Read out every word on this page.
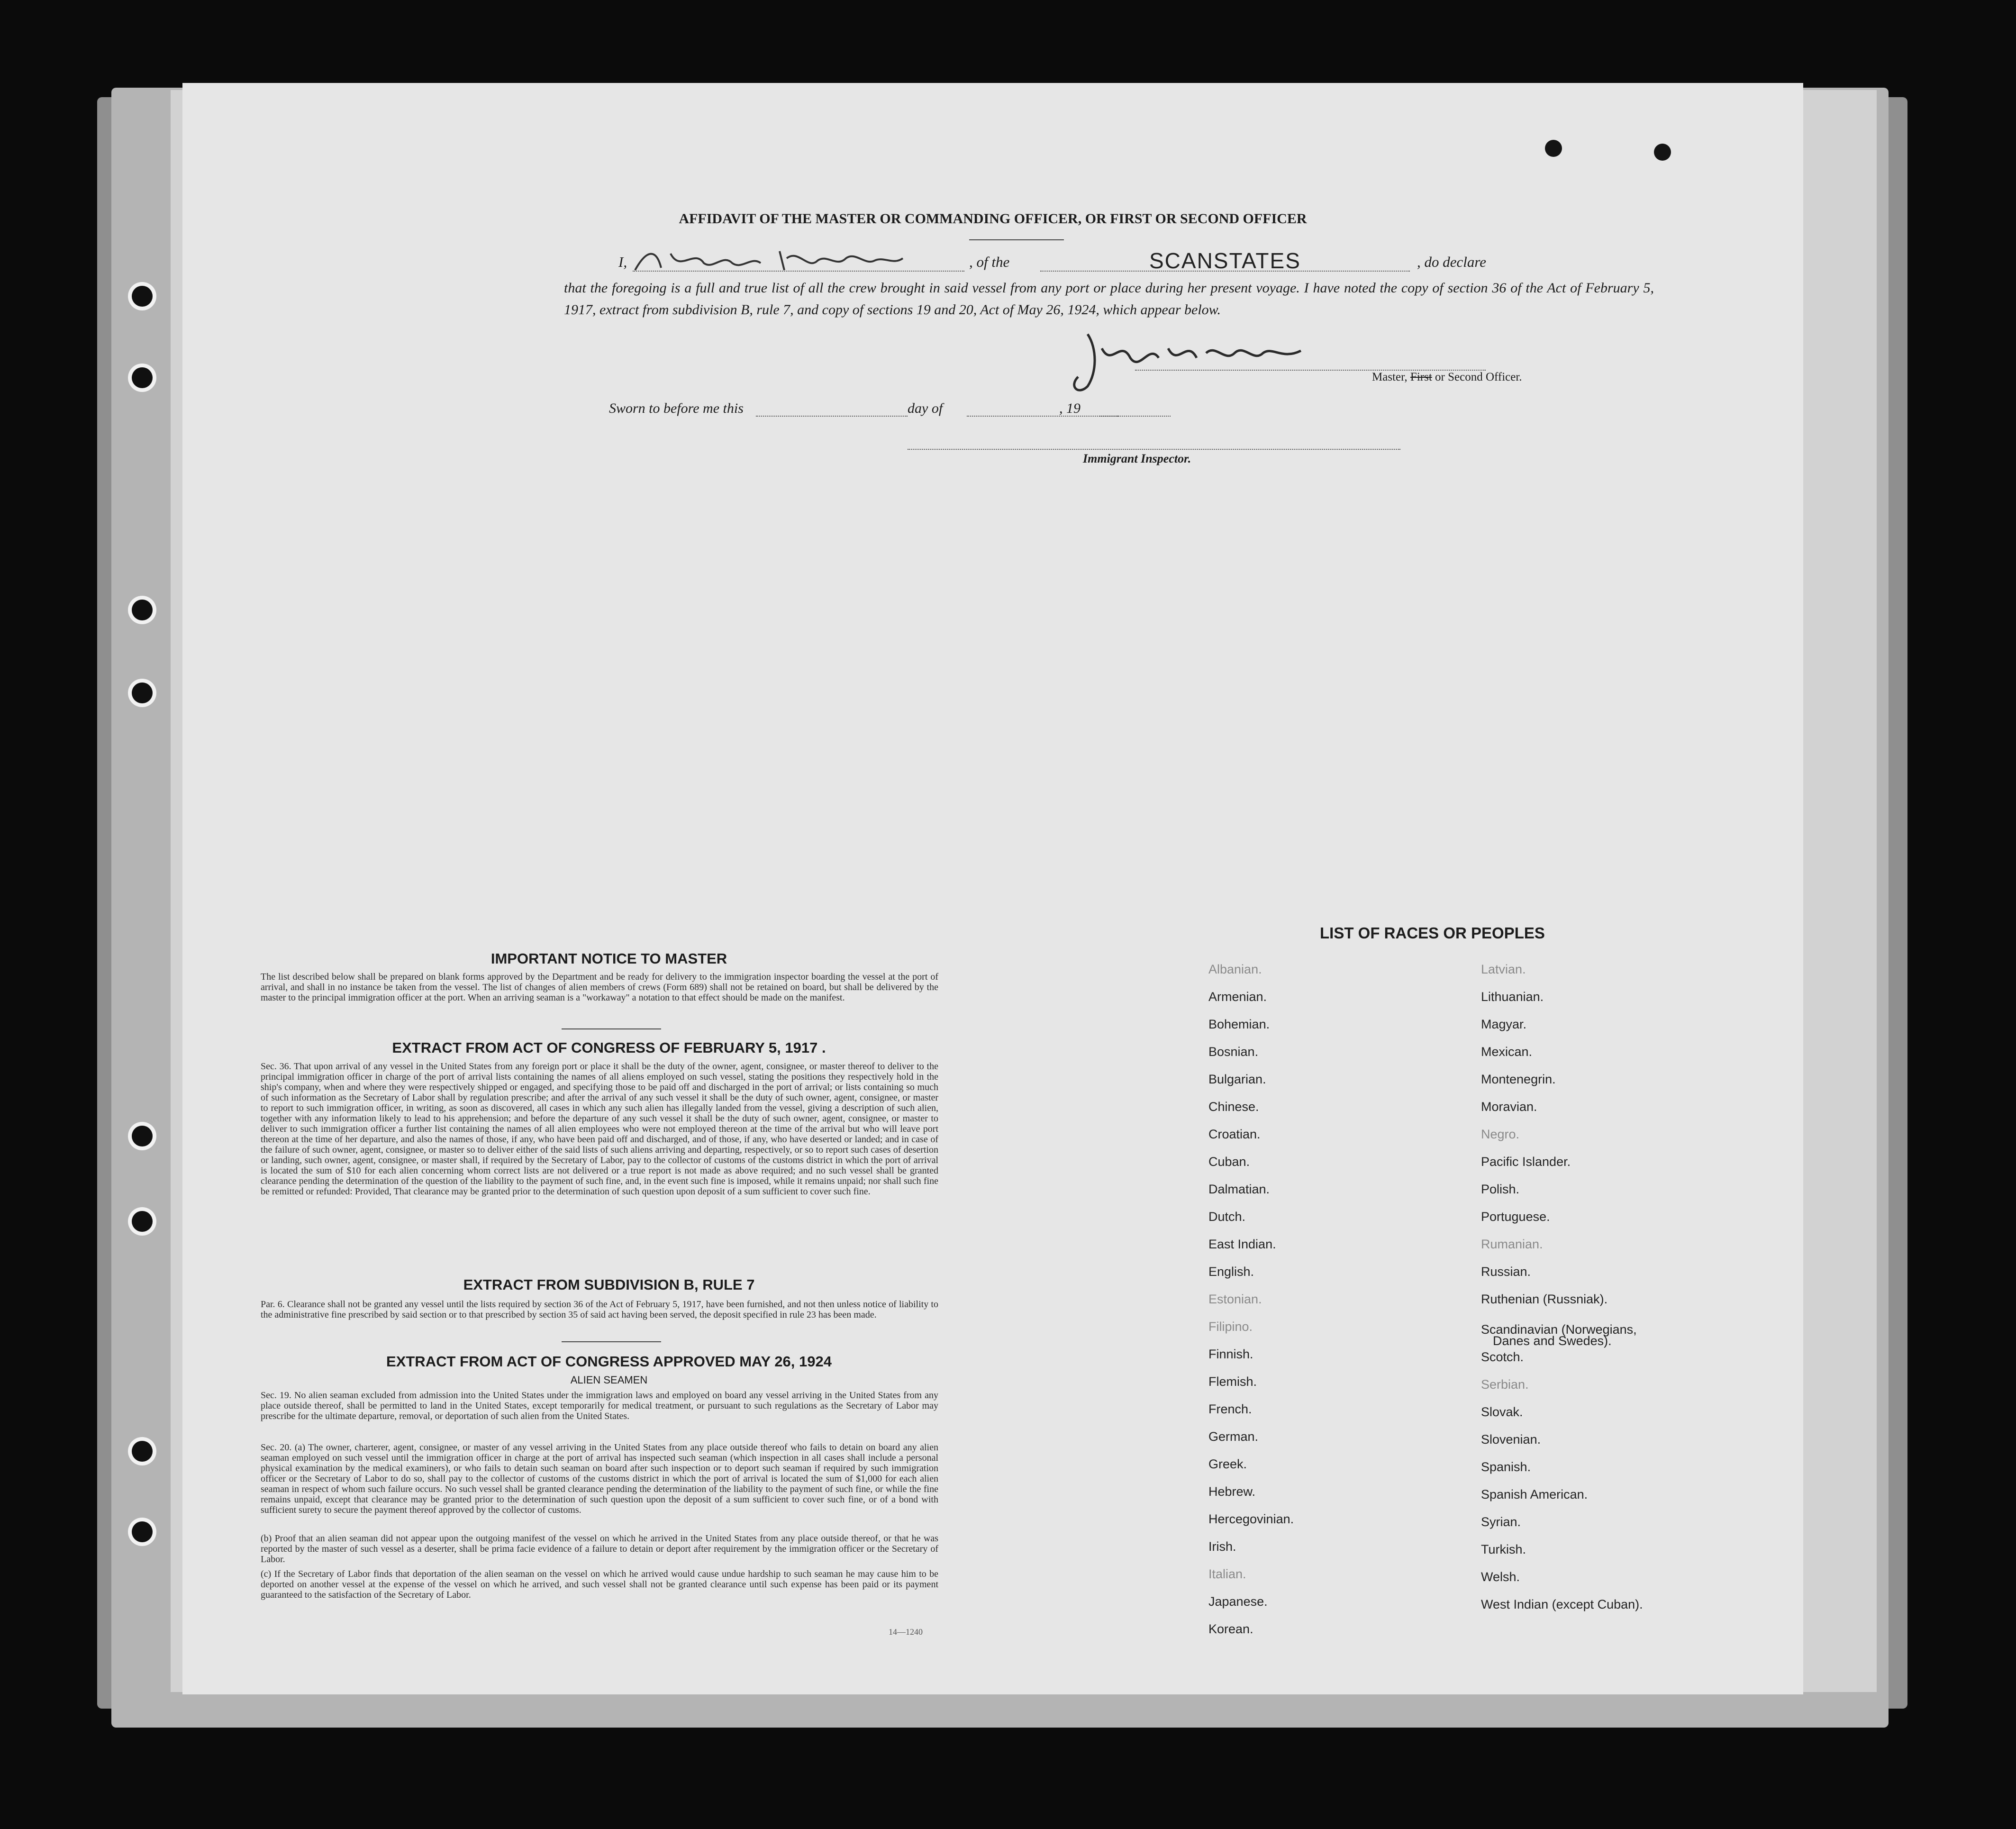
AFFIDAVIT OF THE MASTER OR COMMANDING OFFICER, OR FIRST OR SECOND OFFICER
I,	, of the	SCANSTATES	, do declare
that the foregoing is a full and true list of all the crew brought in said vessel from any port or place during her present voyage. I have noted the copy of section 36 of the Act of February 5, 1917, extract from subdivision B, rule 7, and copy of sections 19 and 20, Act of May 26, 1924, which appear below.
Master, First or Second Officer.
Sworn to before me this	day of	, 19
Immigrant Inspector.
IMPORTANT NOTICE TO MASTER
The list described below shall be prepared on blank forms approved by the Department and be ready for delivery to the immigration inspector boarding the vessel at the port of arrival, and shall in no instance be taken from the vessel. The list of changes of alien members of crews (Form 689) shall not be retained on board, but shall be delivered by the master to the principal immigration officer at the port. When an arriving seaman is a "workaway" a notation to that effect should be made on the manifest.
EXTRACT FROM ACT OF CONGRESS OF FEBRUARY 5, 1917 .
Sec. 36. That upon arrival of any vessel in the United States from any foreign port or place it shall be the duty of the owner, agent, consignee, or master thereof to deliver to the principal immigration officer in charge of the port of arrival lists containing the names of all aliens employed on such vessel, stating the positions they respectively hold in the ship's company, when and where they were respectively shipped or engaged, and specifying those to be paid off and discharged in the port of arrival; or lists containing so much of such information as the Secretary of Labor shall by regulation prescribe; and after the arrival of any such vessel it shall be the duty of such owner, agent, consignee, or master to report to such immigration officer, in writing, as soon as discovered, all cases in which any such alien has illegally landed from the vessel, giving a description of such alien, together with any information likely to lead to his apprehension; and before the departure of any such vessel it shall be the duty of such owner, agent, consignee, or master to deliver to such immigration officer a further list containing the names of all alien employees who were not employed thereon at the time of the arrival but who will leave port thereon at the time of her departure, and also the names of those, if any, who have been paid off and discharged, and of those, if any, who have deserted or landed; and in case of the failure of such owner, agent, consignee, or master so to deliver either of the said lists of such aliens arriving and departing, respectively, or so to report such cases of desertion or landing, such owner, agent, consignee, or master shall, if required by the Secretary of Labor, pay to the collector of customs of the customs district in which the port of arrival is located the sum of $10 for each alien concerning whom correct lists are not delivered or a true report is not made as above required; and no such vessel shall be granted clearance pending the determination of the question of the liability to the payment of such fine, and, in the event such fine is imposed, while it remains unpaid; nor shall such fine be remitted or refunded: Provided, That clearance may be granted prior to the determination of such question upon deposit of a sum sufficient to cover such fine.
EXTRACT FROM SUBDIVISION B, RULE 7
Par. 6. Clearance shall not be granted any vessel until the lists required by section 36 of the Act of February 5, 1917, have been furnished, and not then unless notice of liability to the administrative fine prescribed by said section or to that prescribed by section 35 of said act having been served, the deposit specified in rule 23 has been made.
EXTRACT FROM ACT OF CONGRESS APPROVED MAY 26, 1924
ALIEN SEAMEN
Sec. 19. No alien seaman excluded from admission into the United States under the immigration laws and employed on board any vessel arriving in the United States from any place outside thereof, shall be permitted to land in the United States, except temporarily for medical treatment, or pursuant to such regulations as the Secretary of Labor may prescribe for the ultimate departure, removal, or deportation of such alien from the United States.
Sec. 20. (a) The owner, charterer, agent, consignee, or master of any vessel arriving in the United States from any place outside thereof who fails to detain on board any alien seaman employed on such vessel until the immigration officer in charge at the port of arrival has inspected such seaman (which inspection in all cases shall include a personal physical examination by the medical examiners), or who fails to detain such seaman on board after such inspection or to deport such seaman if required by such immigration officer or the Secretary of Labor to do so, shall pay to the collector of customs of the customs district in which the port of arrival is located the sum of $1,000 for each alien seaman in respect of whom such failure occurs. No such vessel shall be granted clearance pending the determination of the liability to the payment of such fine, or while the fine remains unpaid, except that clearance may be granted prior to the determination of such question upon the deposit of a sum sufficient to cover such fine, or of a bond with sufficient surety to secure the payment thereof approved by the collector of customs.
(b) Proof that an alien seaman did not appear upon the outgoing manifest of the vessel on which he arrived in the United States from any place outside thereof, or that he was reported by the master of such vessel as a deserter, shall be prima facie evidence of a failure to detain or deport after requirement by the immigration officer or the Secretary of Labor.
(c) If the Secretary of Labor finds that deportation of the alien seaman on the vessel on which he arrived would cause undue hardship to such seaman he may cause him to be deported on another vessel at the expense of the vessel on which he arrived, and such vessel shall not be granted clearance until such expense has been paid or its payment guaranteed to the satisfaction of the Secretary of Labor.
14—1240
LIST OF RACES OR PEOPLES
Albanian.
Armenian.
Bohemian.
Bosnian.
Bulgarian.
Chinese.
Croatian.
Cuban.
Dalmatian.
Dutch.
East Indian.
English.
Estonian.
Filipino.
Finnish.
Flemish.
French.
German.
Greek.
Hebrew.
Hercegovinian.
Irish.
Italian.
Japanese.
Korean.
Latvian.
Lithuanian.
Magyar.
Mexican.
Montenegrin.
Moravian.
Negro.
Pacific Islander.
Polish.
Portuguese.
Rumanian.
Russian.
Ruthenian (Russniak).
Scandinavian (Norwegians,
Danes and Swedes).
Scotch.
Serbian.
Slovak.
Slovenian.
Spanish.
Spanish American.
Syrian.
Turkish.
Welsh.
West Indian (except Cuban).
